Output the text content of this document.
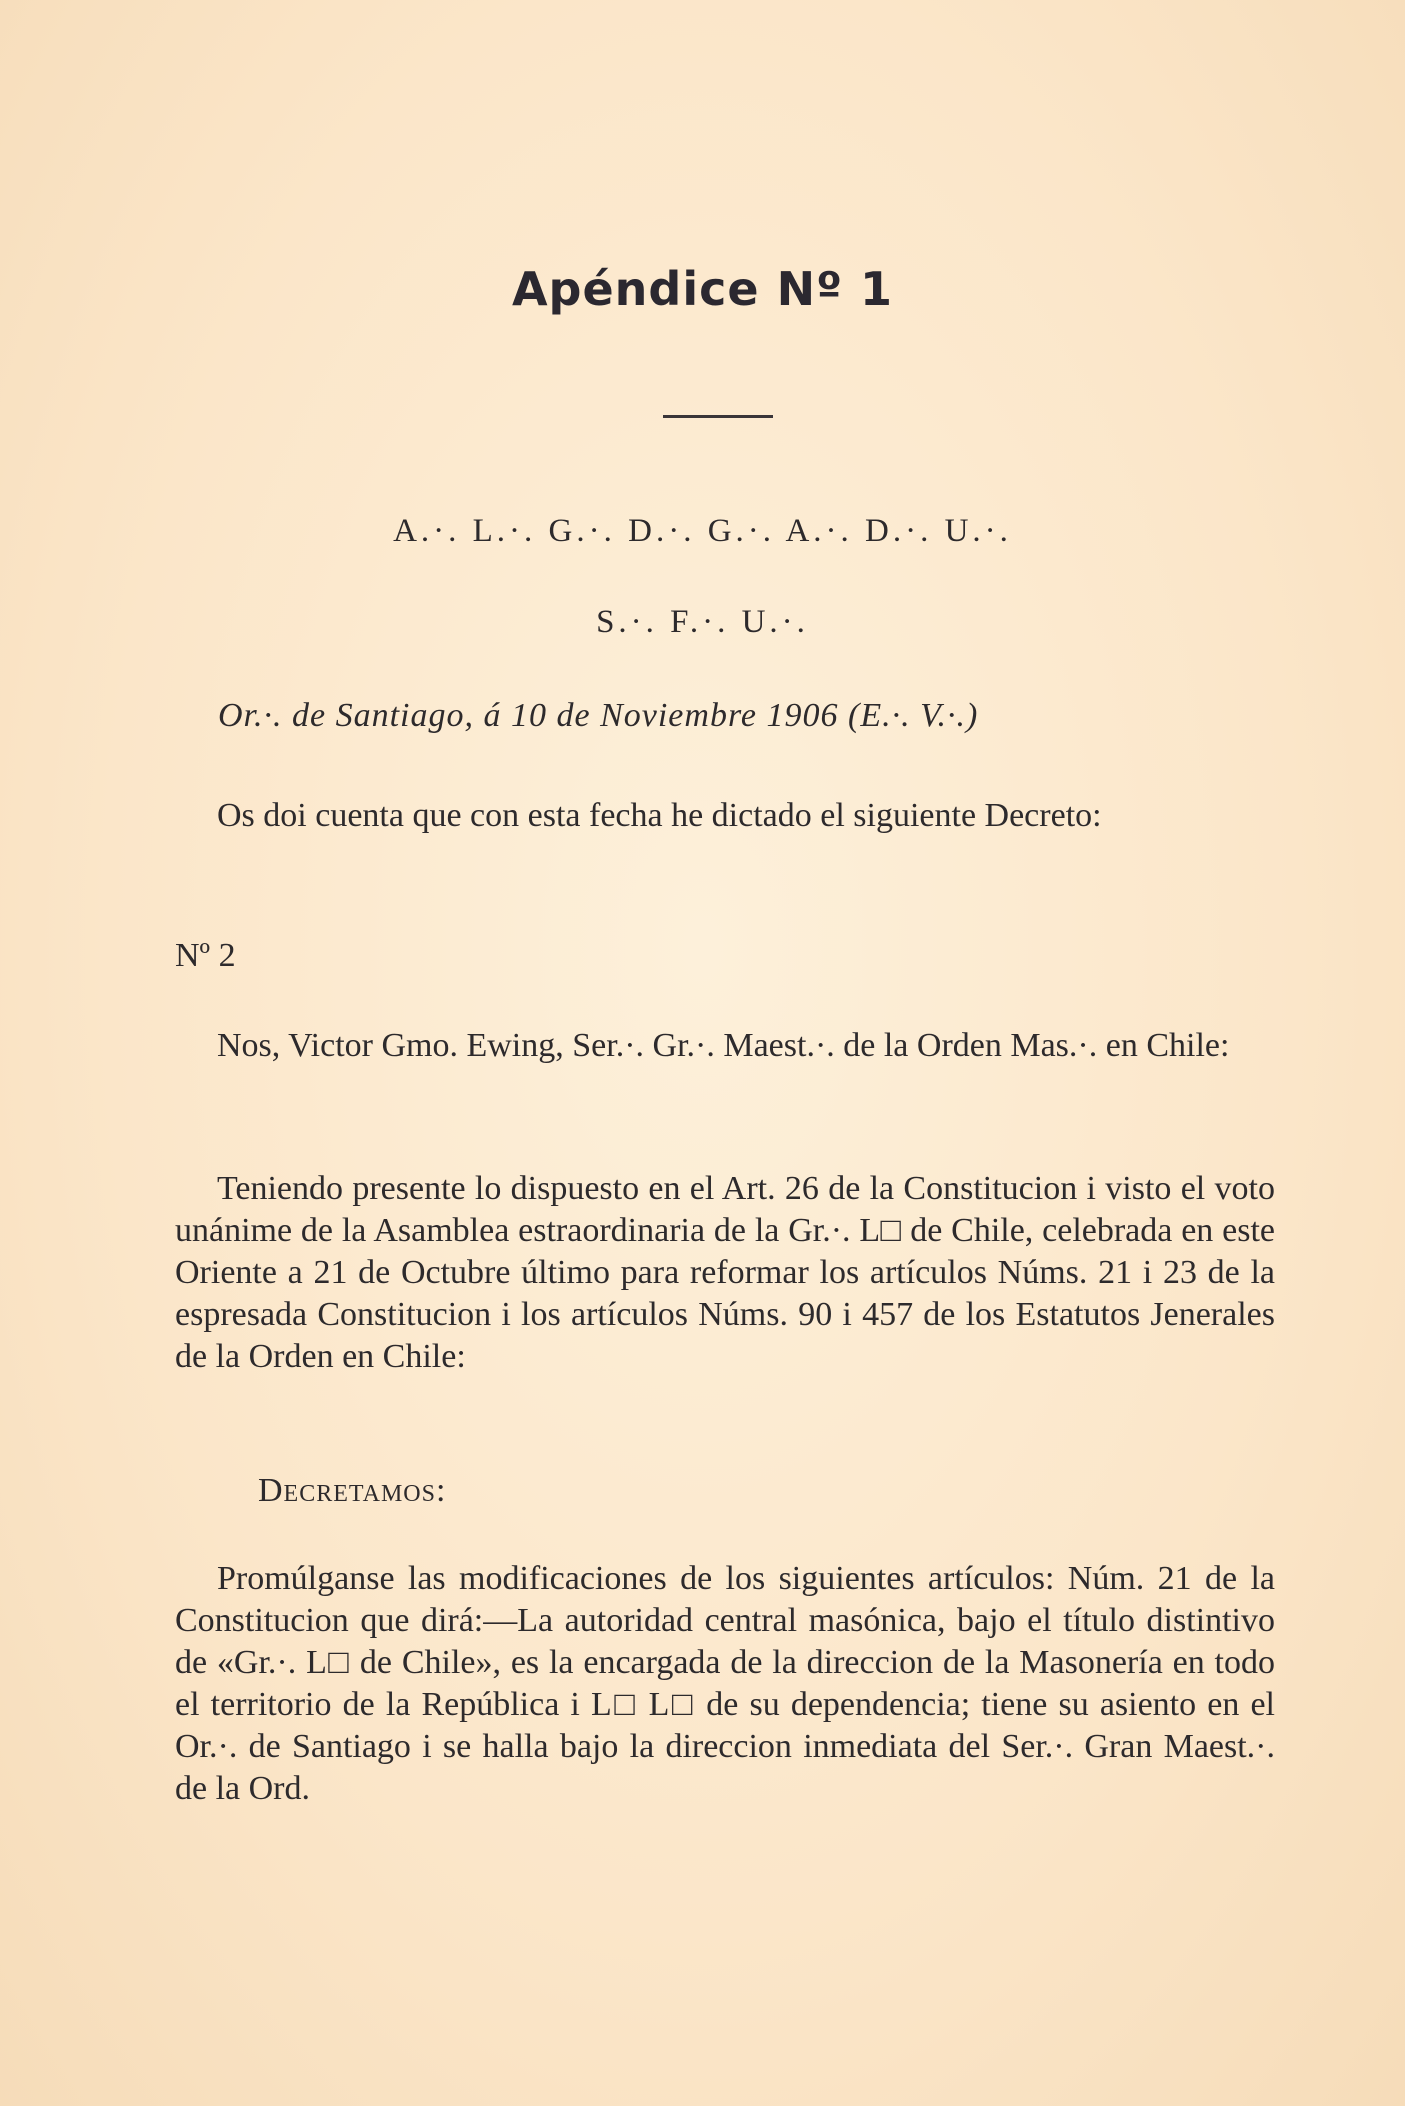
Apéndice Nº 1
A.·. L.·. G.·. D.·. G.·. A.·. D.·. U.·.
S.·. F.·. U.·.
Or.·. de Santiago, á 10 de Noviembre 1906 (E.·. V.·.)
Os doi cuenta que con esta fecha he dictado el siguiente Decreto:
Nº 2
Nos, Victor Gmo. Ewing, Ser.·. Gr.·. Maest.·. de la Orden Mas.·. en Chile:
Teniendo presente lo dispuesto en el Art. 26 de la Constitucion i visto el voto unánime de la Asamblea estraordinaria de la Gr.·. L□ de Chile, celebrada en este Oriente a 21 de Octubre último para reformar los artículos Núms. 21 i 23 de la espresada Constitucion i los artículos Núms. 90 i 457 de los Estatutos Jenerales de la Orden en Chile:
Decretamos:
Promúlganse las modificaciones de los siguientes artículos: Núm. 21 de la Constitucion que dirá:—La autoridad central masónica, bajo el título distintivo de «Gr.·. L□ de Chile», es la encargada de la direccion de la Masonería en todo el territorio de la República i L□ L□ de su dependencia; tiene su asiento en el Or.·. de Santiago i se halla bajo la direccion inmediata del Ser.·. Gran Maest.·. de la Ord.
